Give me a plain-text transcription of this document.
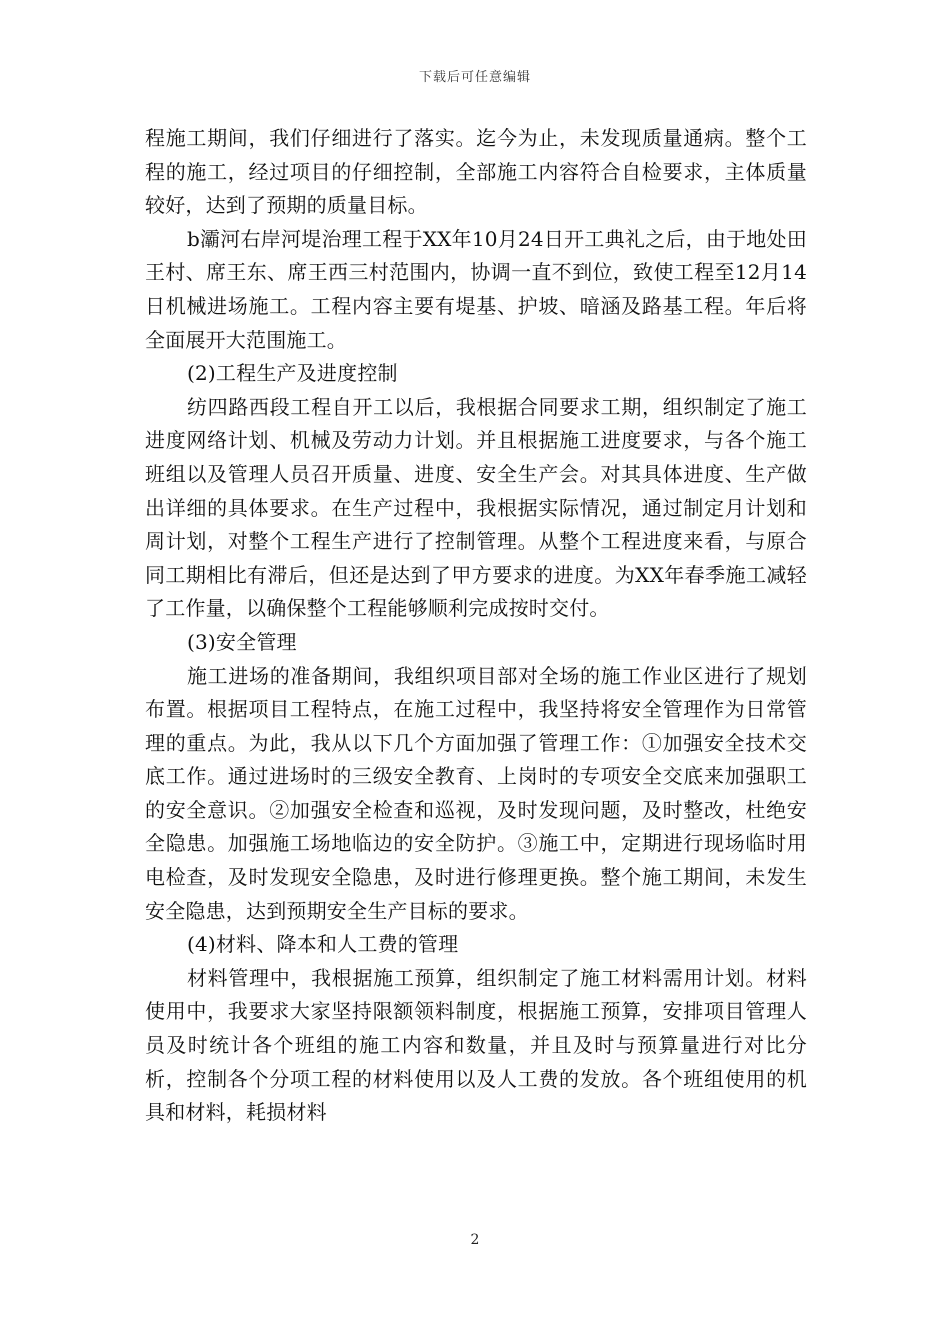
下载后可任意编辑

程施工期间，我们仔细进行了落实。迄今为止，未发现质量通病。整个工程的施工，经过项目的仔细控制，全部施工内容符合自检要求，主体质量较好，达到了预期的质量目标。

b灞河右岸河堤治理工程于XX年10月24日开工典礼之后，由于地处田王村、席王东、席王西三村范围内，协调一直不到位，致使工程至12月14日机械进场施工。工程内容主要有堤基、护坡、暗涵及路基工程。年后将全面展开大范围施工。

(2)工程生产及进度控制

纺四路西段工程自开工以后，我根据合同要求工期，组织制定了施工进度网络计划、机械及劳动力计划。并且根据施工进度要求，与各个施工班组以及管理人员召开质量、进度、安全生产会。对其具体进度、生产做出详细的具体要求。在生产过程中，我根据实际情况，通过制定月计划和周计划，对整个工程生产进行了控制管理。从整个工程进度来看，与原合同工期相比有滞后，但还是达到了甲方要求的进度。为XX年春季施工减轻了工作量，以确保整个工程能够顺利完成按时交付。

(3)安全管理

施工进场的准备期间，我组织项目部对全场的施工作业区进行了规划布置。根据项目工程特点，在施工过程中，我坚持将安全管理作为日常管理的重点。为此，我从以下几个方面加强了管理工作：①加强安全技术交底工作。通过进场时的三级安全教育、上岗时的专项安全交底来加强职工的安全意识。②加强安全检查和巡视，及时发现问题，及时整改，杜绝安全隐患。加强施工场地临边的安全防护。③施工中，定期进行现场临时用电检查，及时发现安全隐患，及时进行修理更换。整个施工期间，未发生安全隐患，达到预期安全生产目标的要求。

(4)材料、降本和人工费的管理

材料管理中，我根据施工预算，组织制定了施工材料需用计划。材料使用中，我要求大家坚持限额领料制度，根据施工预算，安排项目管理人员及时统计各个班组的施工内容和数量，并且及时与预算量进行对比分析，控制各个分项工程的材料使用以及人工费的发放。各个班组使用的机具和材料，耗损材料

2
